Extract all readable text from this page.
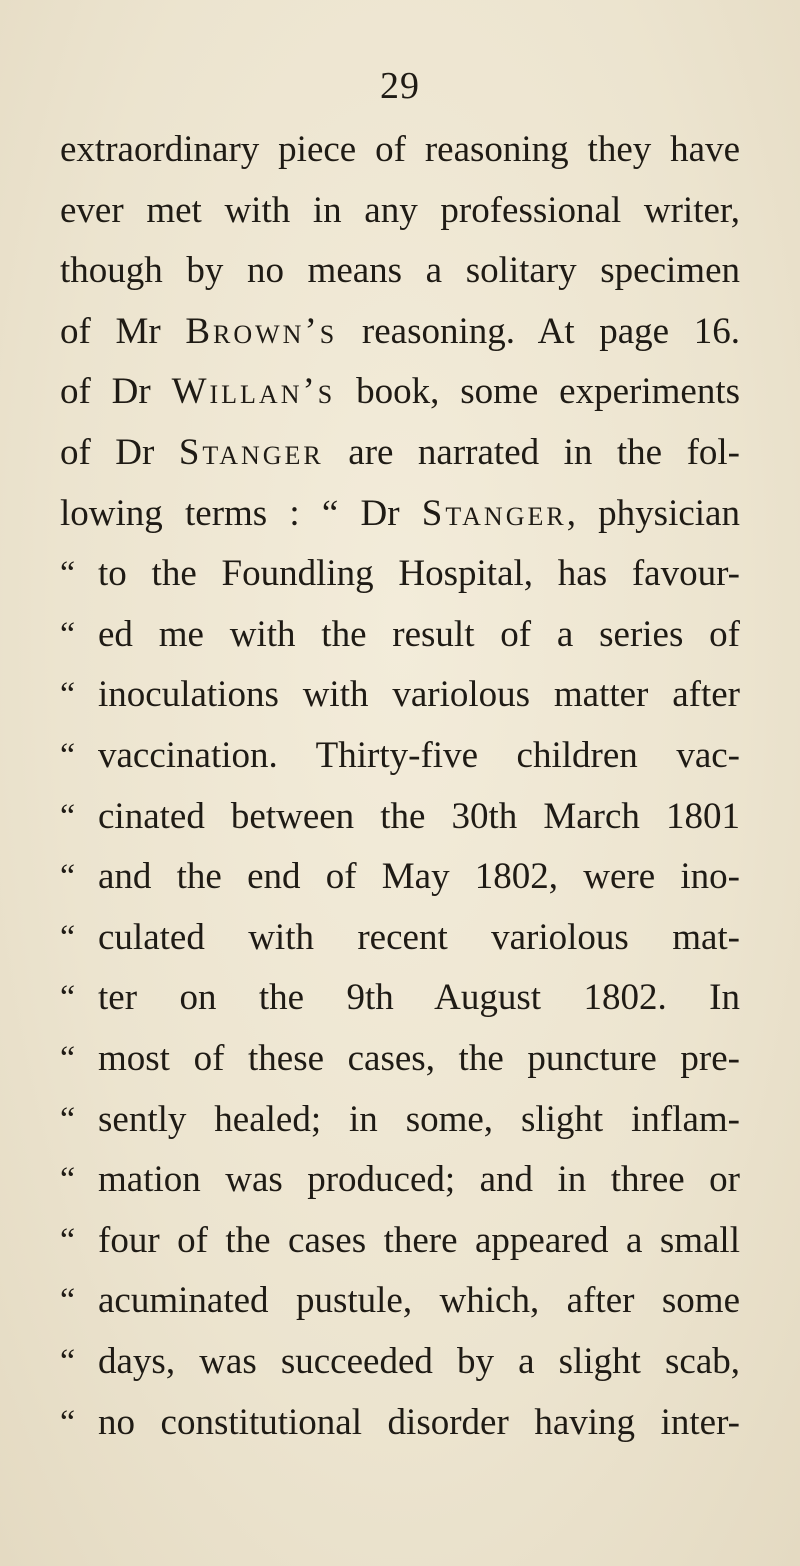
29
extraordinary piece of reasoning they have
ever met with in any professional writer,
though by no means a solitary specimen
of Mr Brown’s reasoning. At page 16.
of Dr Willan’s book, some experiments
of Dr Stanger are narrated in the fol-
lowing terms : “ Dr Stanger, physician
“ to the Foundling Hospital, has favour-
“ ed me with the result of a series of
“ inoculations with variolous matter after
“ vaccination. Thirty-five children vac-
“ cinated between the 30th March 1801
“ and the end of May 1802, were ino-
“ culated with recent variolous mat-
“ ter on the 9th August 1802. In
“ most of these cases, the puncture pre-
“ sently healed; in some, slight inflam-
“ mation was produced; and in three or
“ four of the cases there appeared a small
“ acuminated pustule, which, after some
“ days, was succeeded by a slight scab,
“ no constitutional disorder having inter-
